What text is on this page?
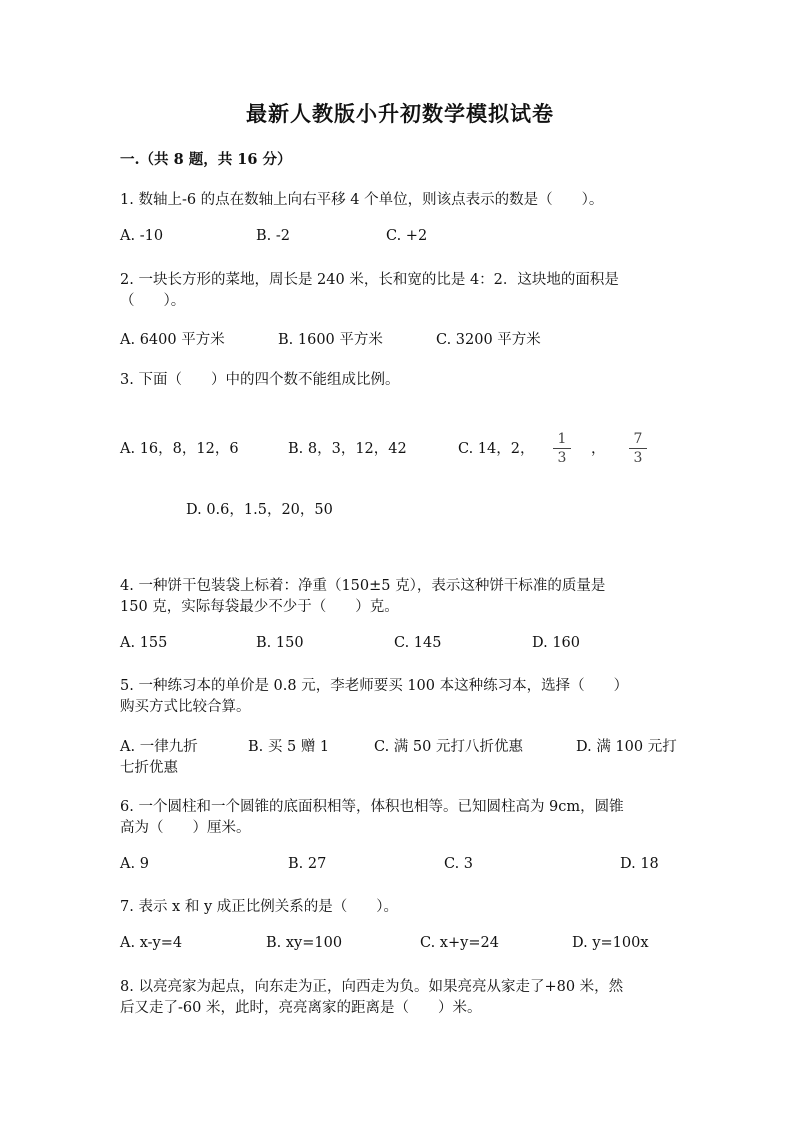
最新人教版小升初数学模拟试卷
一.（共 8 题，共 16 分）
1. 数轴上-6 的点在数轴上向右平移 4 个单位，则该点表示的数是（　　）。
A. -10	B. -2	C. +2
2. 一块长方形的菜地，周长是 240 米，长和宽的比是 4：2．这块地的面积是
（　　）。
A. 6400 平方米	B. 1600 平方米	C. 3200 平方米
3. 下面（　　）中的四个数不能组成比例。
A. 16，8，12，6	B. 8，3，12，42	C. 14，2，
1
3
，
7
3
D. 0.6，1.5，20，50
4. 一种饼干包装袋上标着：净重（150±5 克），表示这种饼干标准的质量是
150 克，实际每袋最少不少于（　　）克。
A. 155	B. 150	C. 145	D. 160
5. 一种练习本的单价是 0.8 元，李老师要买 100 本这种练习本，选择（　　）
购买方式比较合算。
A. 一律九折	B. 买 5 赠 1	C. 满 50 元打八折优惠	D. 满 100 元打
七折优惠
6. 一个圆柱和一个圆锥的底面积相等，体积也相等。已知圆柱高为 9cm，圆锥
高为（　　）厘米。
A. 9	B. 27	C. 3	D. 18
7. 表示 x 和 y 成正比例关系的是（　　）。
A. x-y=4	B. xy=100	C. x+y=24	D. y=100x
8. 以亮亮家为起点，向东走为正，向西走为负。如果亮亮从家走了+80 米，然
后又走了-60 米，此时，亮亮离家的距离是（　　）米。
